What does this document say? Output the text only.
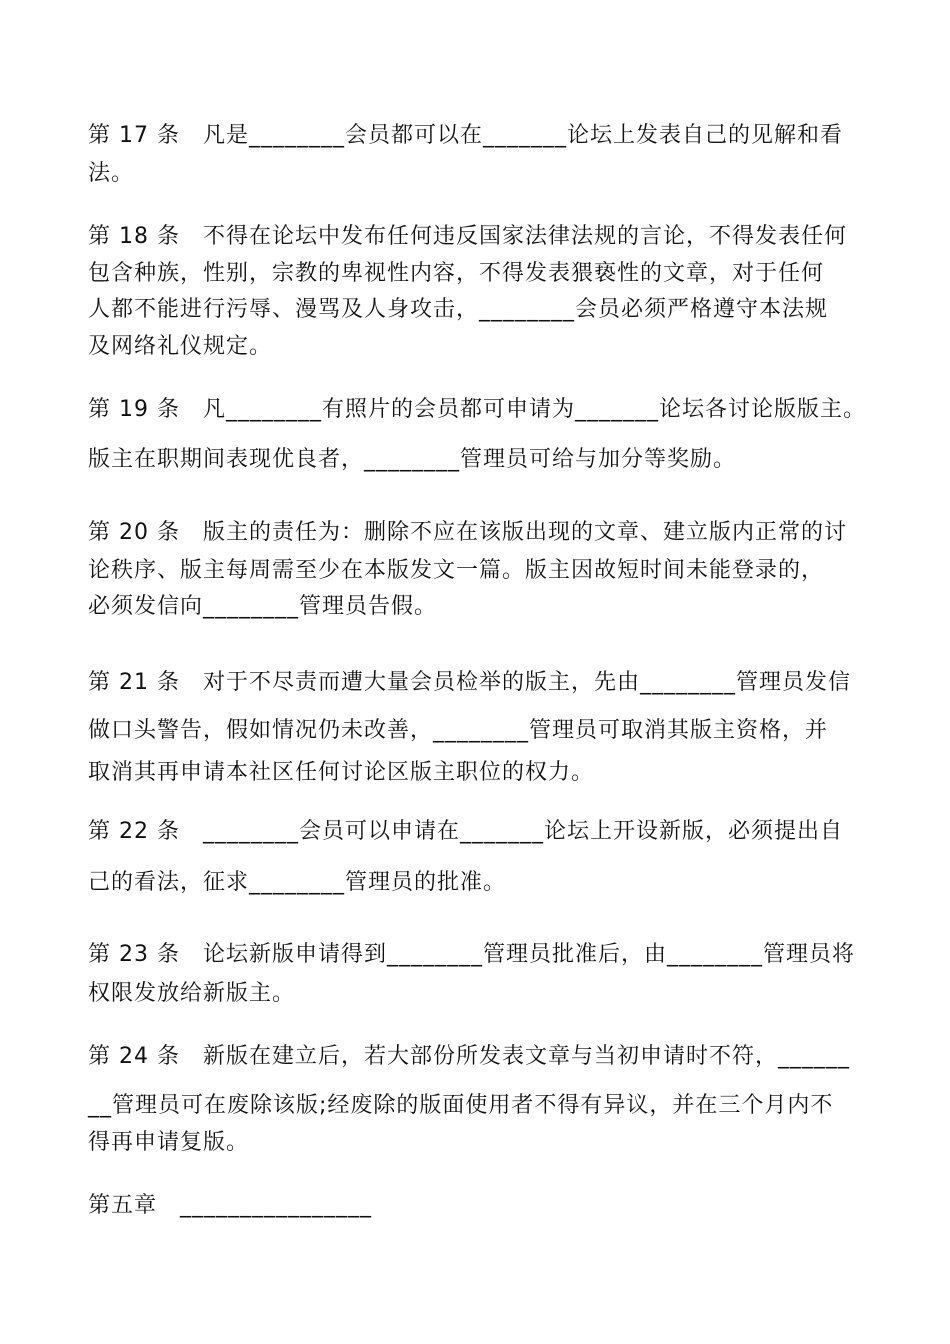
第 17 条　凡是________会员都可以在_______论坛上发表自己的见解和看
法。
第 18 条　不得在论坛中发布任何违反国家法律法规的言论，不得发表任何
包含种族，性别，宗教的卑视性内容，不得发表猥亵性的文章，对于任何
人都不能进行污辱、漫骂及人身攻击，________会员必须严格遵守本法规
及网络礼仪规定。
第 19 条　凡________有照片的会员都可申请为_______论坛各讨论版版主。
版主在职期间表现优良者，________管理员可给与加分等奖励。
第 20 条　版主的责任为：删除不应在该版出现的文章、建立版内正常的讨
论秩序、版主每周需至少在本版发文一篇。版主因故短时间未能登录的，
必须发信向________管理员告假。
第 21 条　对于不尽责而遭大量会员检举的版主，先由________管理员发信
做口头警告，假如情况仍未改善，________管理员可取消其版主资格，并
取消其再申请本社区任何讨论区版主职位的权力。
第 22 条　________会员可以申请在_______论坛上开设新版，必须提出自
己的看法，征求________管理员的批准。
第 23 条　论坛新版申请得到________管理员批准后，由________管理员将
权限发放给新版主。
第 24 条　新版在建立后，若大部份所发表文章与当初申请时不符，______
__管理员可在废除该版;经废除的版面使用者不得有异议，并在三个月内不
得再申请复版。
第五章　________________
